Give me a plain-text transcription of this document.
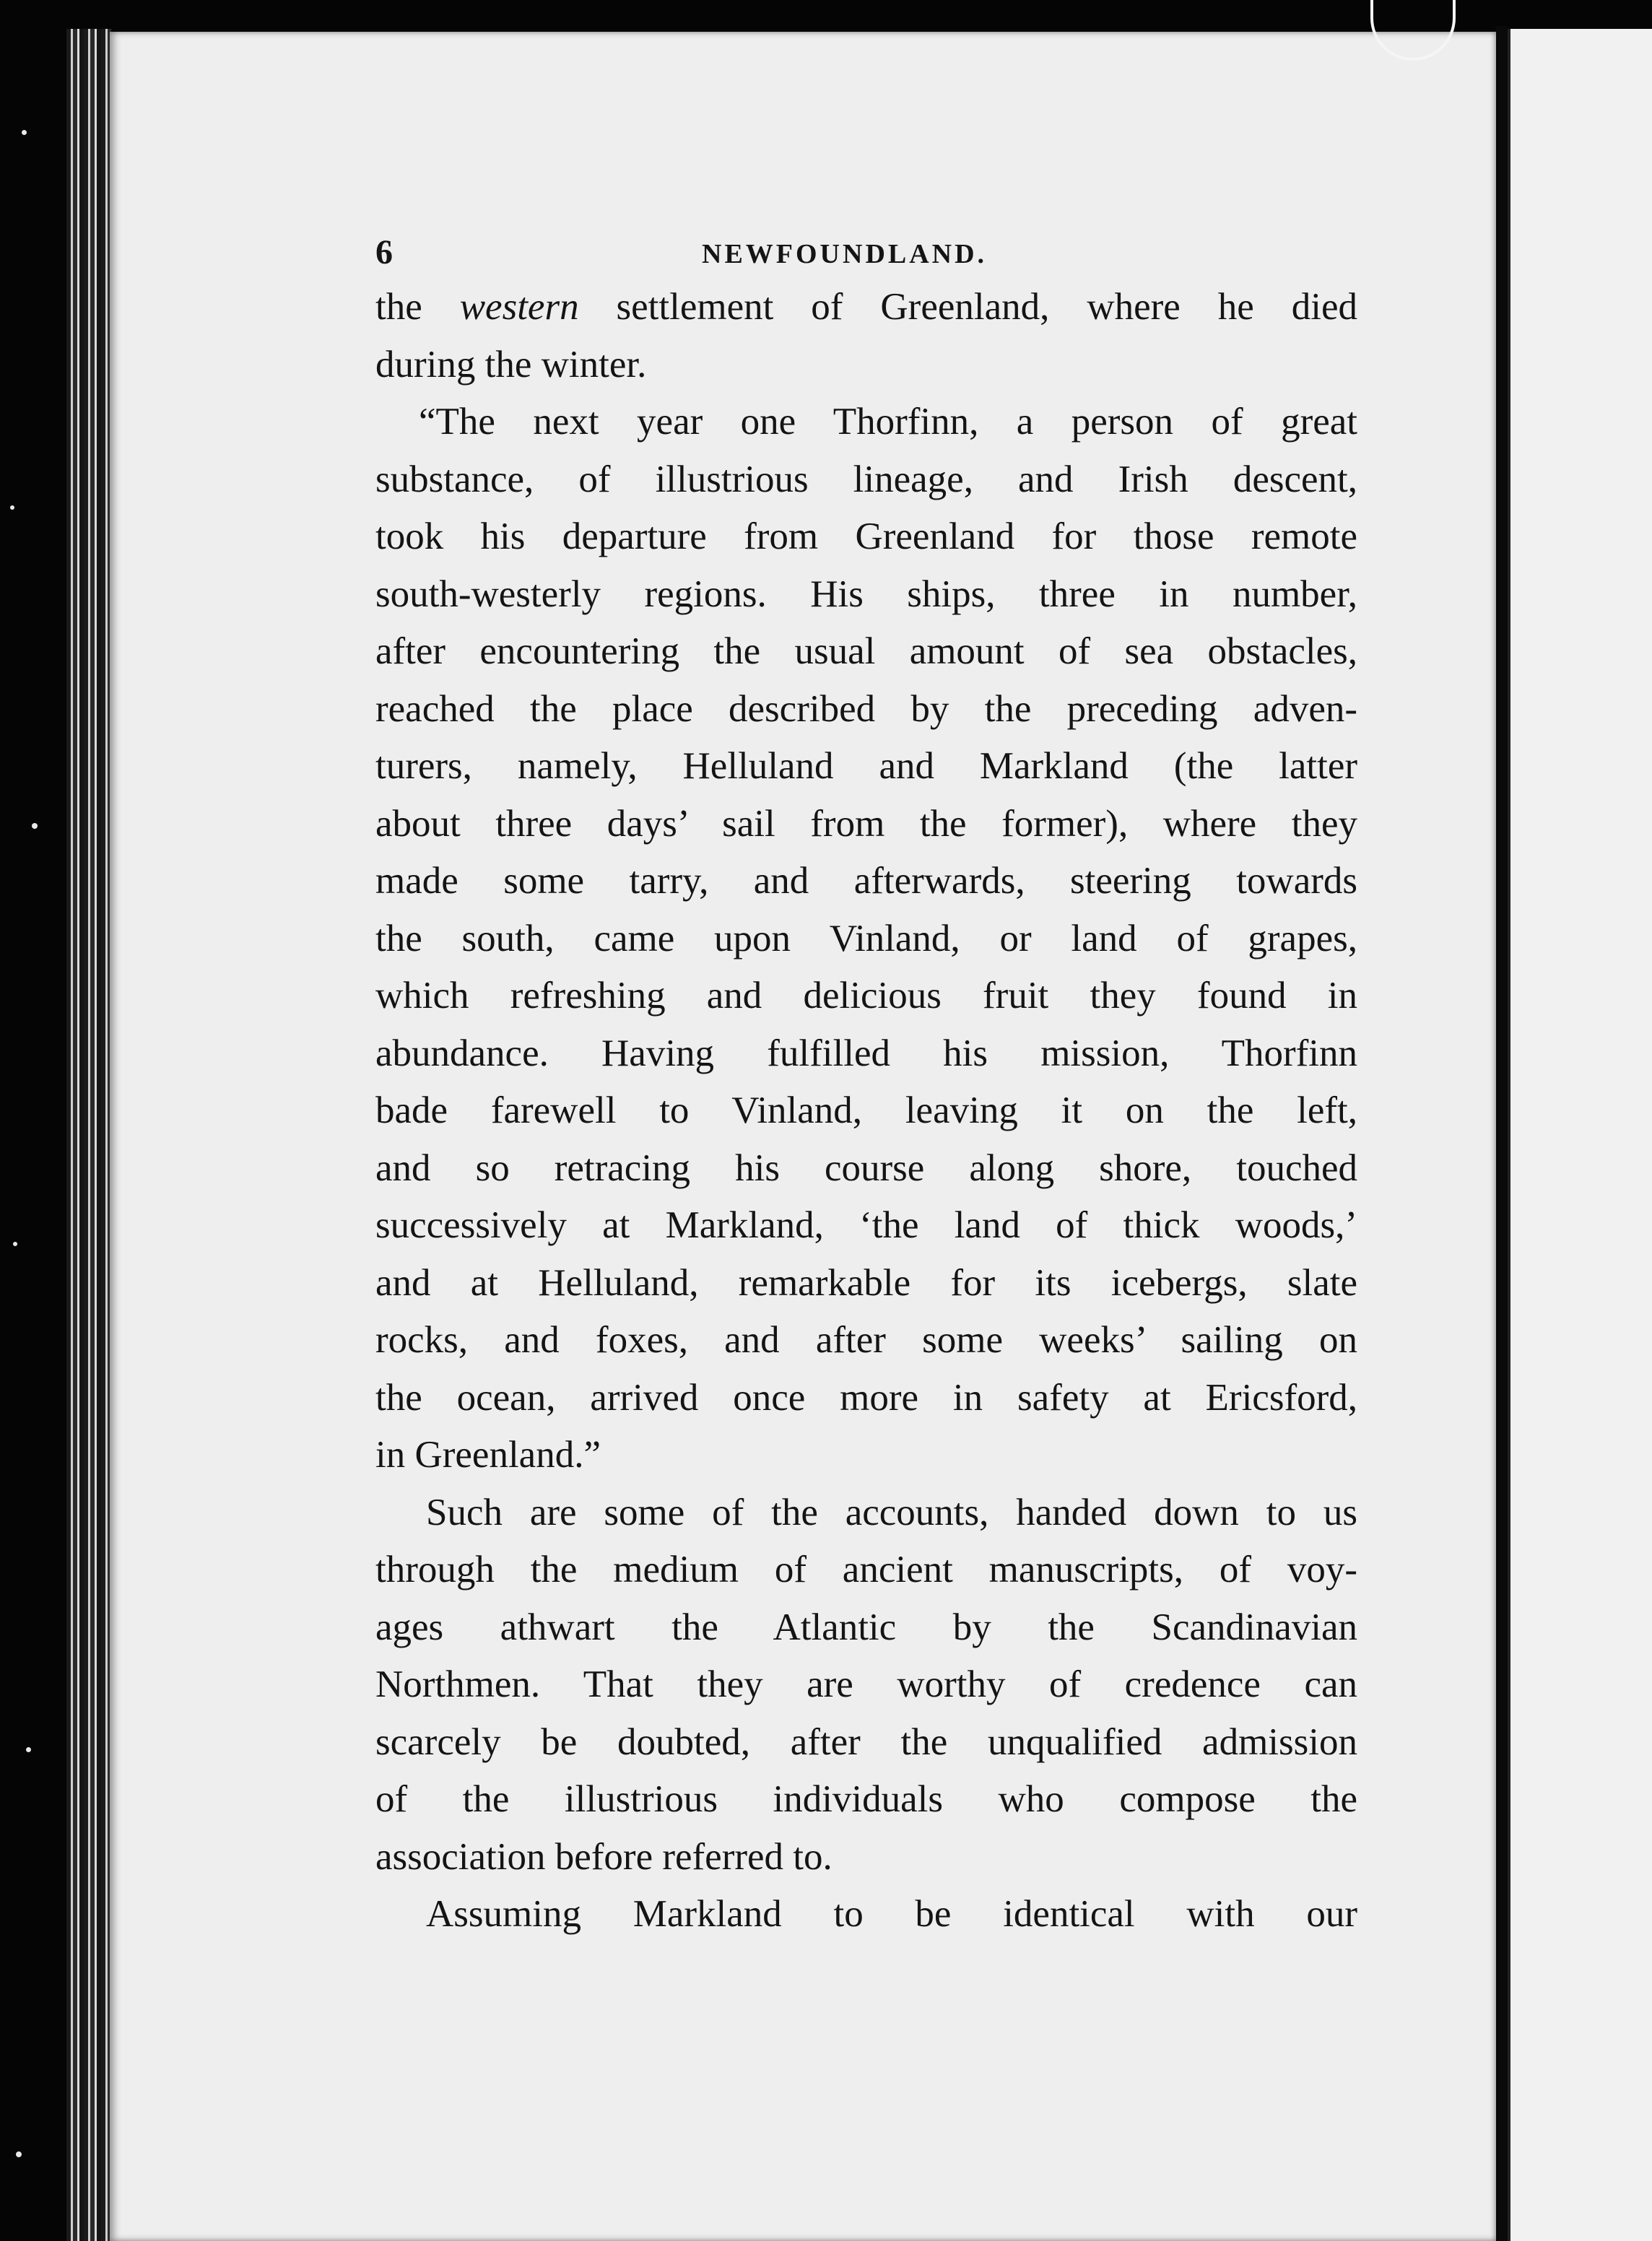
6	NEWFOUNDLAND.
the western settlement of Greenland, where he died
during the winter.
“The next year one Thorfinn, a person of great
substance, of illustrious lineage, and Irish descent,
took his departure from Greenland for those remote
south-westerly regions. His ships, three in number,
after encountering the usual amount of sea obstacles,
reached the place described by the preceding adven-
turers, namely, Helluland and Markland (the latter
about three days’ sail from the former), where they
made some tarry, and afterwards, steering towards
the south, came upon Vinland, or land of grapes,
which refreshing and delicious fruit they found in
abundance. Having fulfilled his mission, Thorfinn
bade farewell to Vinland, leaving it on the left,
and so retracing his course along shore, touched
successively at Markland, ‘the land of thick woods,’
and at Helluland, remarkable for its icebergs, slate
rocks, and foxes, and after some weeks’ sailing on
the ocean, arrived once more in safety at Ericsford,
in Greenland.”
Such are some of the accounts, handed down to us
through the medium of ancient manuscripts, of voy-
ages athwart the Atlantic by the Scandinavian
Northmen. That they are worthy of credence can
scarcely be doubted, after the unqualified admission
of the illustrious individuals who compose the
association before referred to.
Assuming Markland to be identical with our
